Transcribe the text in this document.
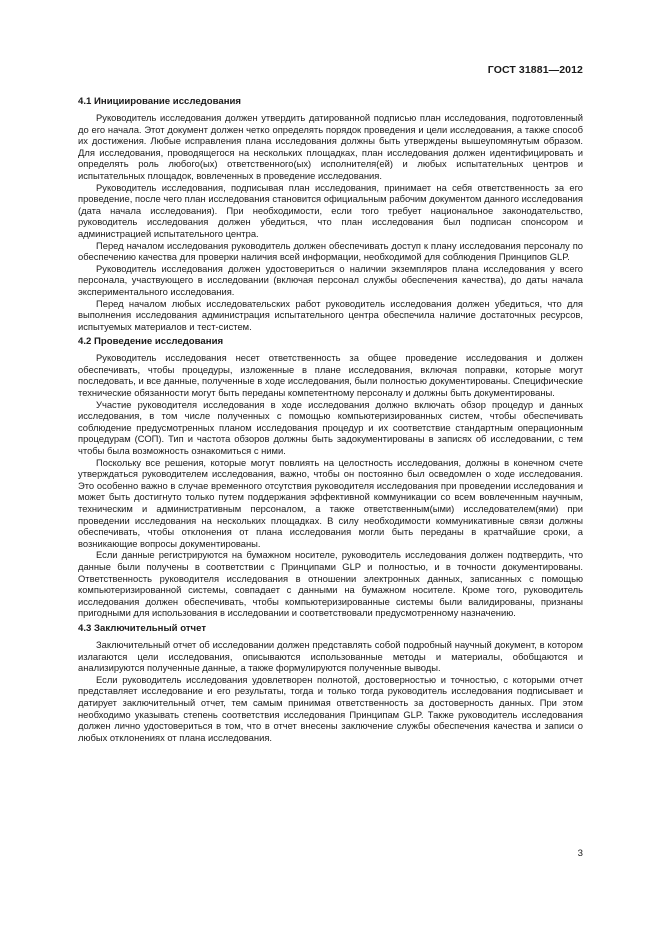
ГОСТ 31881—2012
4.1 Инициирование исследования

Руководитель исследования должен утвердить датированной подписью план исследования, подготовленный до его начала. Этот документ должен четко определять порядок проведения и цели исследования, а также способ их достижения. Любые исправления плана исследования должны быть утверждены вышеупомянутым образом. Для исследования, проводящегося на нескольких площадках, план исследования должен идентифицировать и определять роль любого(ых) ответственного(ых) исполнителя(ей) и любых испытательных центров и испытательных площадок, вовлеченных в проведение исследования.

Руководитель исследования, подписывая план исследования, принимает на себя ответственность за его проведение, после чего план исследования становится официальным рабочим документом данного исследования (дата начала исследования). При необходимости, если того требует национальное законодательство, руководитель исследования должен убедиться, что план исследования был подписан спонсором и администрацией испытательного центра.

Перед началом исследования руководитель должен обеспечивать доступ к плану исследования персоналу по обеспечению качества для проверки наличия всей информации, необходимой для соблюдения Принципов GLP.

Руководитель исследования должен удостовериться о наличии экземпляров плана исследования у всего персонала, участвующего в исследовании (включая персонал службы обеспечения качества), до даты начала экспериментального исследования.

Перед началом любых исследовательских работ руководитель исследования должен убедиться, что для выполнения исследования администрация испытательного центра обеспечила наличие достаточных ресурсов, испытуемых материалов и тест-систем.

4.2 Проведение исследования

Руководитель исследования несет ответственность за общее проведение исследования и должен обеспечивать, чтобы процедуры, изложенные в плане исследования, включая поправки, которые могут последовать, и все данные, полученные в ходе исследования, были полностью документированы. Специфические технические обязанности могут быть переданы компетентному персоналу и должны быть документированы.

Участие руководителя исследования в ходе исследования должно включать обзор процедур и данных исследования, в том числе полученных с помощью компьютеризированных систем, чтобы обеспечивать соблюдение предусмотренных планом исследования процедур и их соответствие стандартным операционным процедурам (СОП). Тип и частота обзоров должны быть задокументированы в записях об исследовании, с тем чтобы была возможность ознакомиться с ними.

Поскольку все решения, которые могут повлиять на целостность исследования, должны в конечном счете утверждаться руководителем исследования, важно, чтобы он постоянно был осведомлен о ходе исследования. Это особенно важно в случае временного отсутствия руководителя исследования при проведении исследования и может быть достигнуто только путем поддержания эффективной коммуникации со всем вовлеченным научным, техническим и административным персоналом, а также ответственным(ыми) исследователем(ями) при проведении исследования на нескольких площадках. В силу необходимости коммуникативные связи должны обеспечивать, чтобы отклонения от плана исследования могли быть переданы в кратчайшие сроки, а возникающие вопросы документированы.

Если данные регистрируются на бумажном носителе, руководитель исследования должен подтвердить, что данные были получены в соответствии с Принципами GLP и полностью, и в точности документированы. Ответственность руководителя исследования в отношении электронных данных, записанных с помощью компьютеризированной системы, совпадает с данными на бумажном носителе. Кроме того, руководитель исследования должен обеспечивать, чтобы компьютеризированные системы были валидированы, признаны пригодными для использования в исследовании и соответствовали предусмотренному назначению.

4.3 Заключительный отчет

Заключительный отчет об исследовании должен представлять собой подробный научный документ, в котором излагаются цели исследования, описываются использованные методы и материалы, обобщаются и анализируются полученные данные, а также формулируются полученные выводы.

Если руководитель исследования удовлетворен полнотой, достоверностью и точностью, с которыми отчет представляет исследование и его результаты, тогда и только тогда руководитель исследования подписывает и датирует заключительный отчет, тем самым принимая ответственность за достоверность данных. При этом необходимо указывать степень соответствия исследования Принципам GLP. Также руководитель исследования должен лично удостовериться в том, что в отчет внесены заключение службы обеспечения качества и записи о любых отклонениях от плана исследования.

3
